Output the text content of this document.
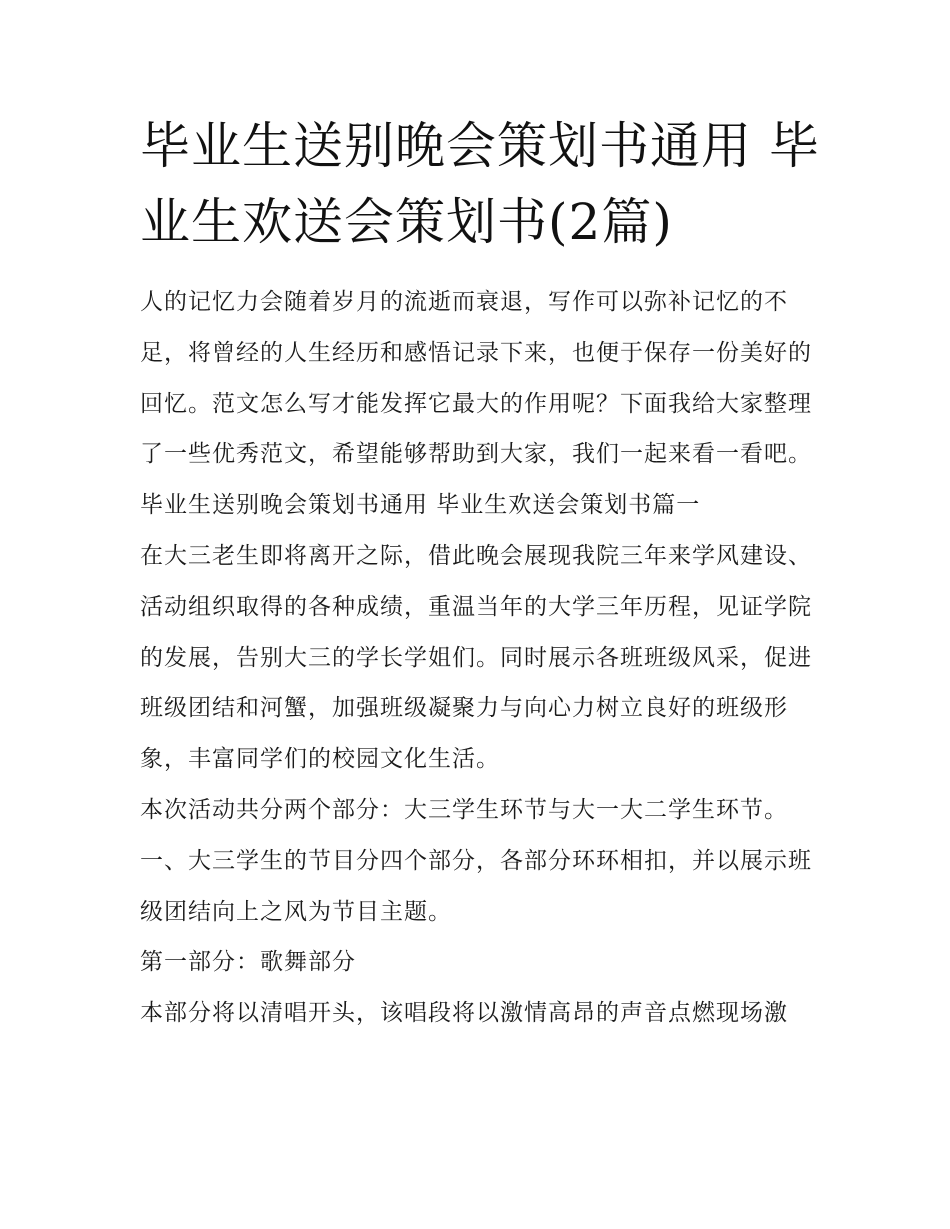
毕业生送别晚会策划书通用 毕业生欢送会策划书(2篇)

人的记忆力会随着岁月的流逝而衰退，写作可以弥补记忆的不足，将曾经的人生经历和感悟记录下来，也便于保存一份美好的回忆。范文怎么写才能发挥它最大的作用呢？下面我给大家整理了一些优秀范文，希望能够帮助到大家，我们一起来看一看吧。

毕业生送别晚会策划书通用 毕业生欢送会策划书篇一

在大三老生即将离开之际，借此晚会展现我院三年来学风建设、活动组织取得的各种成绩，重温当年的大学三年历程，见证学院的发展，告别大三的学长学姐们。同时展示各班班级风采，促进班级团结和河蟹，加强班级凝聚力与向心力树立良好的班级形象，丰富同学们的校园文化生活。

本次活动共分两个部分：大三学生环节与大一大二学生环节。

一、大三学生的节目分四个部分，各部分环环相扣，并以展示班级团结向上之风为节目主题。

第一部分：歌舞部分

本部分将以清唱开头，该唱段将以激情高昂的声音点燃现场激
